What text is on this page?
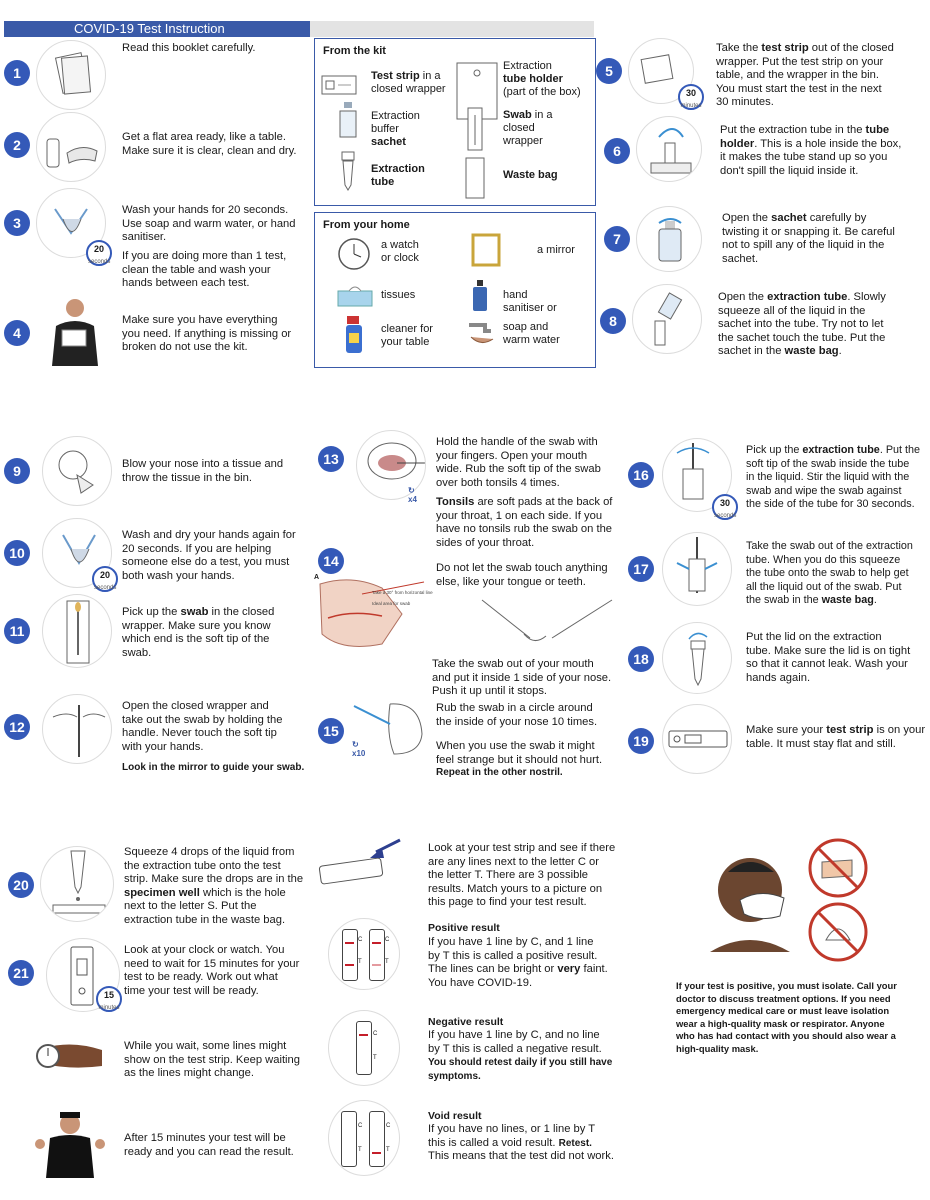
COVID-19 Test Instruction
1
Read this booklet carefully.
2	Get a flat area ready, like a table.
Make sure it is clear, clean and dry.
3
20
seconds
Wash your hands for 20 seconds.
Use soap and warm water, or hand
sanitiser.
If you are doing more than 1 test,
clean the table and wash your
hands between each test.
4
Make sure you have everything
you need. If anything is missing or
broken do not use the kit.
From the kit
Test strip in a
closed wrapper
Extraction
tube holder
(part of the box)
Extraction
buffer
sachet
Swab in a
closed
wrapper
Extraction
tube
Waste bag
From your home
a watch
or clock
a mirror
tissues	hand
sanitiser or
cleaner for
your table
soap and
warm water
5
30
minutes
Take the test strip out of the closed
wrapper. Put the test strip on your
table, and the wrapper in the bin.
You must start the test in the next
30 minutes.
6
Put the extraction tube in the tube
holder. This is a hole inside the box,
it makes the tube stand up so you
don't spill the liquid inside it.
7
Open the sachet carefully by
twisting it or snapping it. Be careful
not to spill any of the liquid in the
sachet.
8
Open the extraction tube. Slowly
squeeze all of the liquid in the
sachet into the tube. Try not to let
the sachet touch the tube. Put the
sachet in the waste bag.
9	Blow your nose into a tissue and
throw the tissue in the bin.
10
20
seconds
Wash and dry your hands again for
20 seconds. If you are helping
someone else do a test, you must
both wash your hands.
11
Pick up the swab in the closed
wrapper. Make sure you know
which end is the soft tip of the
swab.
12
Open the closed wrapper and
take out the swab by holding the
handle. Never touch the soft tip
with your hands.
Look in the mirror to guide your swab.
13
↻
x4
Hold the handle of the swab with
your fingers. Open your mouth
wide. Rub the soft tip of the swab
over both tonsils 4 times.
Tonsils are soft pads at the back of
your throat, 1 on each side. If you
have no tonsils rub the swab on the
sides of your throat.
14	Do not let the swab touch anything
else, like your tongue or teeth.
A
Take a 30° from horizontal line
Ideal area for swab
Take the swab out of your mouth
and put it inside 1 side of your nose.
Push it up until it stops.
15
↻
x10
Rub the swab in a circle around
the inside of your nose 10 times.
When you use the swab it might
feel strange but it should not hurt.
Repeat in the other nostril.
16
30
seconds
Pick up the extraction tube. Put the
soft tip of the swab inside the tube
in the liquid. Stir the liquid with the
swab and wipe the swab against
the side of the tube for 30 seconds.
17
Take the swab out of the extraction
tube. When you do this squeeze
the tube onto the swab to help get
all the liquid out of the swab. Put
the swab in the waste bag.
18
Put the lid on the extraction
tube. Make sure the lid is on tight
so that it cannot leak. Wash your
hands again.
19
Make sure your test strip is on your
table. It must stay flat and still.
20
Squeeze 4 drops of the liquid from
the extraction tube onto the test
strip. Make sure the drops are in the
specimen well which is the hole
next to the letter S. Put the
extraction tube in the waste bag.
21
15
minutes
Look at your clock or watch. You
need to wait for 15 minutes for your
test to be ready. Work out what
time your test will be ready.
While you wait, some lines might
show on the test strip. Keep waiting
as the lines might change.
After 15 minutes your test will be
ready and you can read the result.
Look at your test strip and see if there
are any lines next to the letter C or
the letter T. There are 3 possible
results. Match yours to a picture on
this page to find your test result.
C
T
C
T
Positive result
If you have 1 line by C, and 1 line
by T this is called a positive result.
The lines can be bright or very faint.
You have COVID-19.
C
T
Negative result
If you have 1 line by C, and no line
by T this is called a negative result.
You should retest daily if you still have
symptoms.
C
T
C
T
Void result
If you have no lines, or 1 line by T
this is called a void result. Retest.
This means that the test did not work.
If your test is positive, you must isolate. Call your
doctor to discuss treatment options. If you need
emergency medical care or must leave isolation
wear a high-quality mask or respirator. Anyone
who has had contact with you should also wear a
high-quality mask.
